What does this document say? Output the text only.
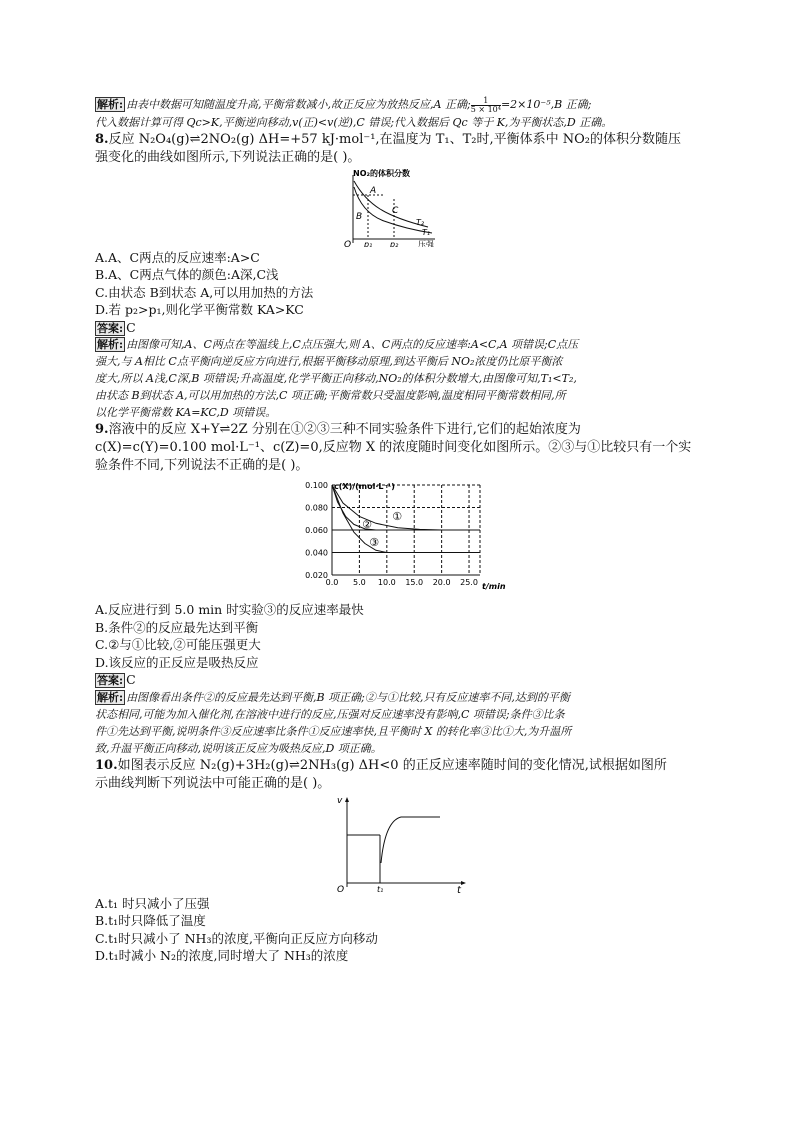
解析: 由表中数据可知随温度升高,平衡常数减小,故正反应为放热反应,A 正确; $\frac{1}{\text{5 × 10⁴}} =2\times 10^{-5},B$ 正确;
代入数据计算可得 Qc>K,平衡逆向移动,v(正)<v(逆),C 错误;代入数据后 Qc 等于 K,为平衡状态,D 正确。
8.反应 N₂O₄(g)⇌2NO₂(g) ΔH=+57 kJ·mol⁻¹,在温度为 T₁、T₂时,平衡体系中 NO₂的体积分数随压
强变化的曲线如图所示,下列说法正确的是( )。
NO₂的体积分数
A
B
C
T₂
T₁
O p₁ p₂ 压强
A.A、C两点的反应速率:A>C
B.A、C两点气体的颜色:A深,C浅
C.由状态 B到状态 A,可以用加热的方法
D.若 p₂>p₁,则化学平衡常数 KA>KC
答案: C
解析: 由图像可知,A、C两点在等温线上,C点压强大,则 A、C两点的反应速率:A<C,A 项错误;C点压
强大,与 A相比 C点平衡向逆反应方向进行,根据平衡移动原理,到达平衡后 NO₂浓度仍比原平衡浓
度大,所以 A浅,C深,B 项错误;升高温度,化学平衡正向移动,NO₂的体积分数增大,由图像可知,T₁<T₂,
由状态 B到状态 A,可以用加热的方法,C 项正确;平衡常数只受温度影响,温度相同平衡常数相同,所
以化学平衡常数 KA=KC,D 项错误。
9.溶液中的反应 X+Y⇌2Z 分别在①②③三种不同实验条件下进行,它们的起始浓度为
c(X)=c(Y)=0.100 mol·L⁻¹、c(Z)=0,反应物 X 的浓度随时间变化如图所示。②③与①比较只有一个实
验条件不同,下列说法不正确的是( )。
0.100
0.080
0.060
0.040
0.020
0.0 5.0 10.0 15.0 20.0 25.0 t/min
c(X)/(mol·L⁻¹)
①
②
③
A.反应进行到 5.0 min 时实验③的反应速率最快
B.条件②的反应最先达到平衡
C.②与①比较,②可能压强更大
D.该反应的正反应是吸热反应
答案: C
解析: 由图像看出条件②的反应最先达到平衡,B 项正确;②与①比较,只有反应速率不同,达到的平衡
状态相同,可能为加入催化剂,在溶液中进行的反应,压强对反应速率没有影响,C 项错误;条件③比条
件①先达到平衡,说明条件③反应速率比条件①反应速率快,且平衡时 X 的转化率③比①大,为升温所
致,升温平衡正向移动,说明该正反应为吸热反应,D 项正确。
10.如图表示反应 N₂(g)+3H₂(g)⇌2NH₃(g) ΔH<0 的正反应速率随时间的变化情况,试根据如图所
示曲线判断下列说法中可能正确的是( )。
v
t
O	t₁
A.t₁ 时只减小了压强
B.t₁时只降低了温度
C.t₁时只减小了 NH₃的浓度,平衡向正反应方向移动
D.t₁时减小 N₂的浓度,同时增大了 NH₃的浓度
